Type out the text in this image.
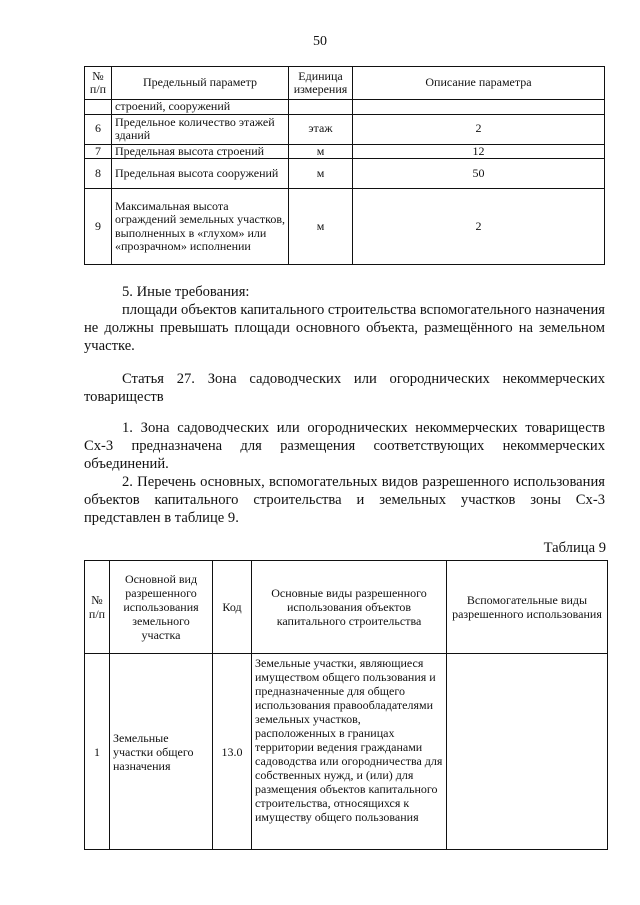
50
№ п/п	Предельный параметр	Единица измерения	Описание параметра
	строений, сооружений		
6	Предельное количество этажей зданий	этаж	2
7	Предельная высота строений	м	12
8	Предельная высота сооружений	м	50
9	Максимальная высота ограждений земельных участков, выполненных в «глухом» или «прозрачном» исполнении	м	2

5. Иные требования:

площади объектов капитального строительства вспомогательного назначения не должны превышать площади основного объекта, размещённого на земельном участке.

Статья 27. Зона садоводческих или огороднических некоммерческих товариществ

1. Зона садоводческих или огороднических некоммерческих товариществ Сх-3 предназначена для размещения соответствующих некоммерческих объединений.

2. Перечень основных, вспомогательных видов разрешенного использования объектов капитального строительства и земельных участков зоны Сх-3 представлен в таблице 9.

Таблица 9
№ п/п	Основной вид разрешенного использования земельного участка	Код	Основные виды разрешенного использования объектов капитального строительства	Вспомогательные виды разрешенного использования
1	Земельные участки общего назначения	13.0	Земельные участки, являющиеся имуществом общего пользования и предназначенные для общего использования правообладателями земельных участков, расположенных в границах территории ведения гражданами садоводства или огородничества для собственных нужд, и (или) для размещения объектов капитального строительства, относящихся к имуществу общего пользования	
